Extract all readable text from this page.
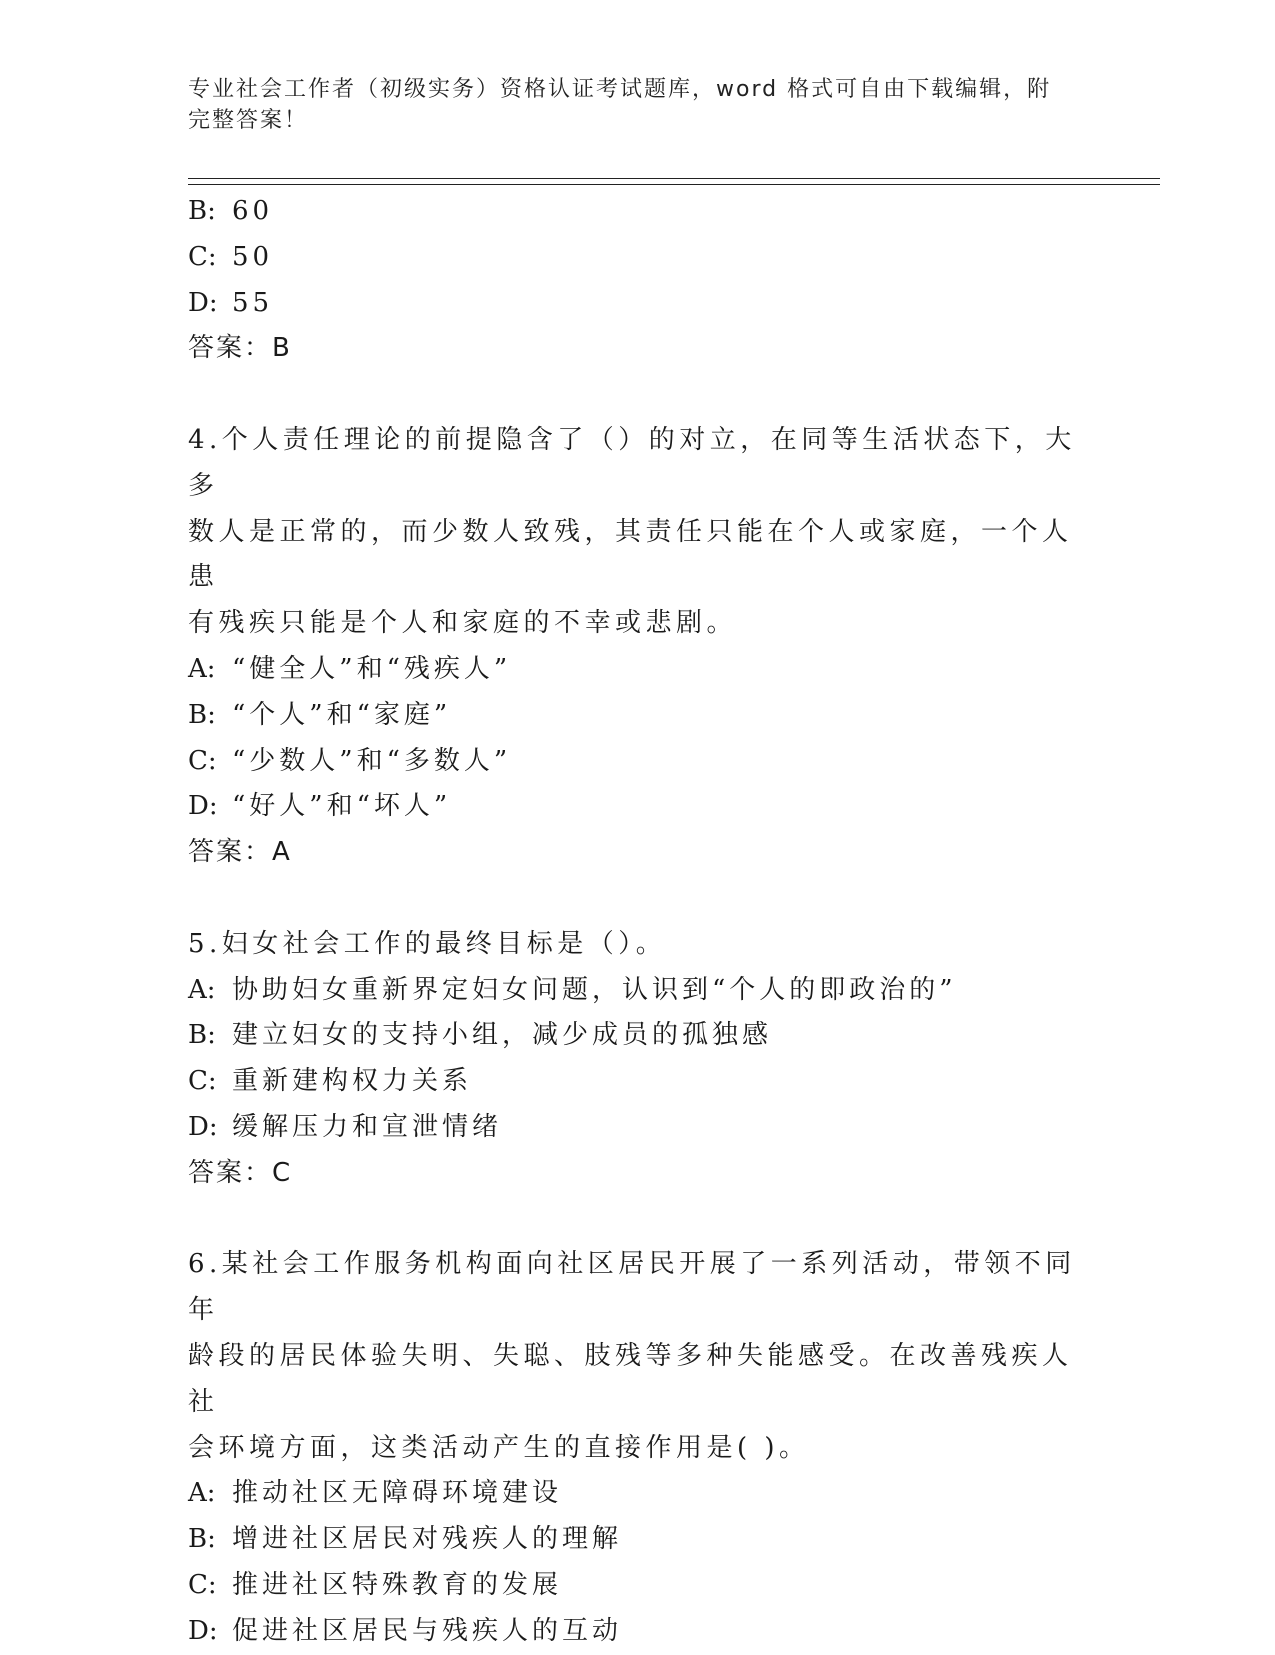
专业社会工作者（初级实务）资格认证考试题库，word 格式可自由下载编辑，附
完整答案！
B: 60
C: 50
D: 55
答案：B
4.个人责任理论的前提隐含了（）的对立，在同等生活状态下，大多
数人是正常的，而少数人致残，其责任只能在个人或家庭，一个人患
有残疾只能是个人和家庭的不幸或悲剧。
A: “健全人”和“残疾人”
B: “个人”和“家庭”
C: “少数人”和“多数人”
D: “好人”和“坏人”
答案：A
5.妇女社会工作的最终目标是（）。
A: 协助妇女重新界定妇女问题，认识到“个人的即政治的”
B: 建立妇女的支持小组，减少成员的孤独感
C: 重新建构权力关系
D: 缓解压力和宣泄情绪
答案：C
6.某社会工作服务机构面向社区居民开展了一系列活动，带领不同年
龄段的居民体验失明、失聪、肢残等多种失能感受。在改善残疾人社
会环境方面，这类活动产生的直接作用是( )。
A: 推动社区无障碍环境建设
B: 增进社区居民对残疾人的理解
C: 推进社区特殊教育的发展
D: 促进社区居民与残疾人的互动
